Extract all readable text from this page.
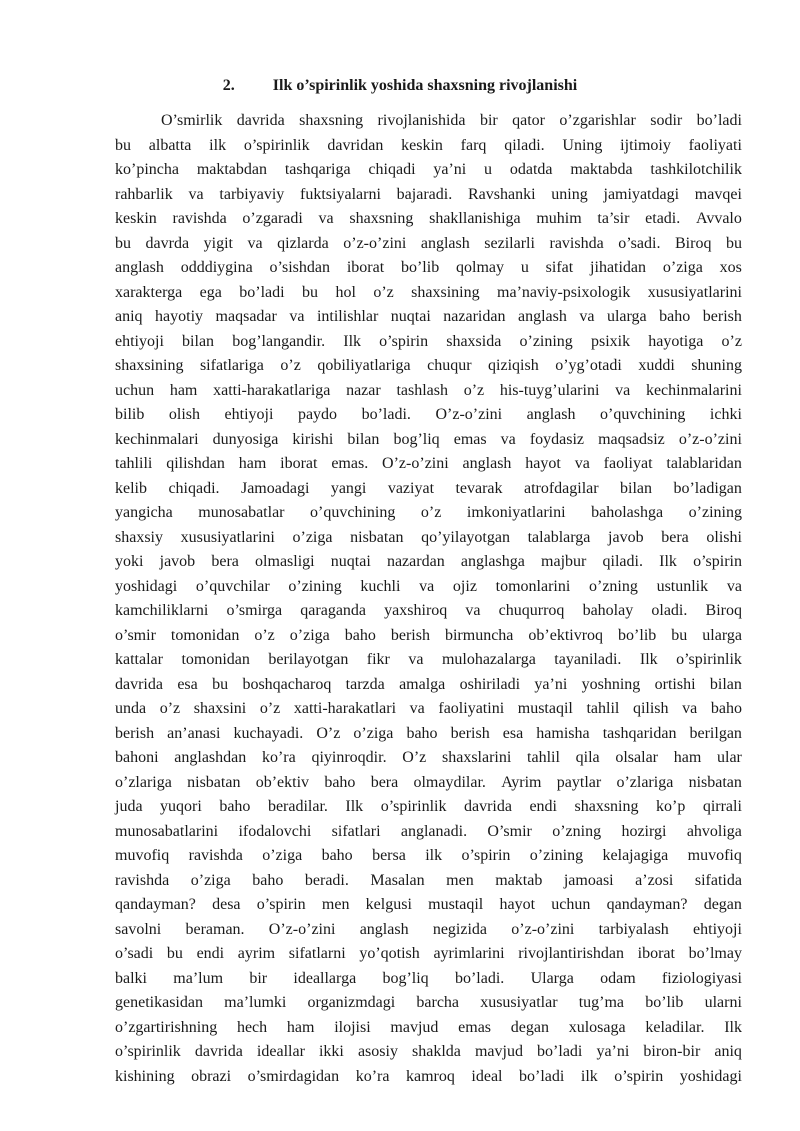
2. Ilk o’spirinlik yoshida shaxsning rivojlanishi
O’smirlik davrida shaxsning rivojlanishida bir qator o’zgarishlar sodir bo’ladi
bu albatta ilk o’spirinlik davridan keskin farq qiladi. Uning ijtimoiy faoliyati
ko’pincha maktabdan tashqariga chiqadi ya’ni u odatda maktabda tashkilotchilik
rahbarlik va tarbiyaviy fuktsiyalarni bajaradi. Ravshanki uning jamiyatdagi mavqei
keskin ravishda o’zgaradi va shaxsning shakllanishiga muhim ta’sir etadi. Avvalo
bu davrda yigit va qizlarda o’z-o’zini anglash sezilarli ravishda o’sadi. Biroq bu
anglash odddiygina o’sishdan iborat bo’lib qolmay u sifat jihatidan o’ziga xos
xarakterga ega bo’ladi bu hol o’z shaxsining ma’naviy-psixologik xususiyatlarini
aniq hayotiy maqsadar va intilishlar nuqtai nazaridan anglash va ularga baho berish
ehtiyoji bilan bog’langandir. Ilk o’spirin shaxsida o’zining psixik hayotiga o’z
shaxsining sifatlariga o’z qobiliyatlariga chuqur qiziqish o’yg’otadi xuddi shuning
uchun ham xatti-harakatlariga nazar tashlash o’z his-tuyg’ularini va kechinmalarini
bilib olish ehtiyoji paydo bo’ladi. O’z-o’zini anglash o’quvchining ichki
kechinmalari dunyosiga kirishi bilan bog’liq emas va foydasiz maqsadsiz o’z-o’zini
tahlili qilishdan ham iborat emas. O’z-o’zini anglash hayot va faoliyat talablaridan
kelib chiqadi. Jamoadagi yangi vaziyat tevarak atrofdagilar bilan bo’ladigan
yangicha munosabatlar o’quvchining o’z imkoniyatlarini baholashga o’zining
shaxsiy xususiyatlarini o’ziga nisbatan qo’yilayotgan talablarga javob bera olishi
yoki javob bera olmasligi nuqtai nazardan anglashga majbur qiladi. Ilk o’spirin
yoshidagi o’quvchilar o’zining kuchli va ojiz tomonlarini o’zning ustunlik va
kamchiliklarni o’smirga qaraganda yaxshiroq va chuqurroq baholay oladi. Biroq
o’smir tomonidan o’z o’ziga baho berish birmuncha ob’ektivroq bo’lib bu ularga
kattalar tomonidan berilayotgan fikr va mulohazalarga tayaniladi. Ilk o’spirinlik
davrida esa bu boshqacharoq tarzda amalga oshiriladi ya’ni yoshning ortishi bilan
unda o’z shaxsini o’z xatti-harakatlari va faoliyatini mustaqil tahlil qilish va baho
berish an’anasi kuchayadi. O’z o’ziga baho berish esa hamisha tashqaridan berilgan
bahoni anglashdan ko’ra qiyinroqdir. O’z shaxslarini tahlil qila olsalar ham ular
o’zlariga nisbatan ob’ektiv baho bera olmaydilar. Ayrim paytlar o’zlariga nisbatan
juda yuqori baho beradilar. Ilk o’spirinlik davrida endi shaxsning ko’p qirrali
munosabatlarini ifodalovchi sifatlari anglanadi. O’smir o’zning hozirgi ahvoliga
muvofiq ravishda o’ziga baho bersa ilk o’spirin o’zining kelajagiga muvofiq
ravishda o’ziga baho beradi. Masalan men maktab jamoasi a’zosi sifatida
qandayman? desa o’spirin men kelgusi mustaqil hayot uchun qandayman? degan
savolni beraman. O’z-o’zini anglash negizida o’z-o’zini tarbiyalash ehtiyoji
o’sadi bu endi ayrim sifatlarni yo’qotish ayrimlarini rivojlantirishdan iborat bo’lmay
balki ma’lum bir ideallarga bog’liq bo’ladi. Ularga odam fiziologiyasi
genetikasidan ma’lumki organizmdagi barcha xususiyatlar tug’ma bo’lib ularni
o’zgartirishning hech ham ilojisi mavjud emas degan xulosaga keladilar. Ilk
o’spirinlik davrida ideallar ikki asosiy shaklda mavjud bo’ladi ya’ni biron-bir aniq
kishining obrazi o’smirdagidan ko’ra kamroq ideal bo’ladi ilk o’spirin yoshidagi
